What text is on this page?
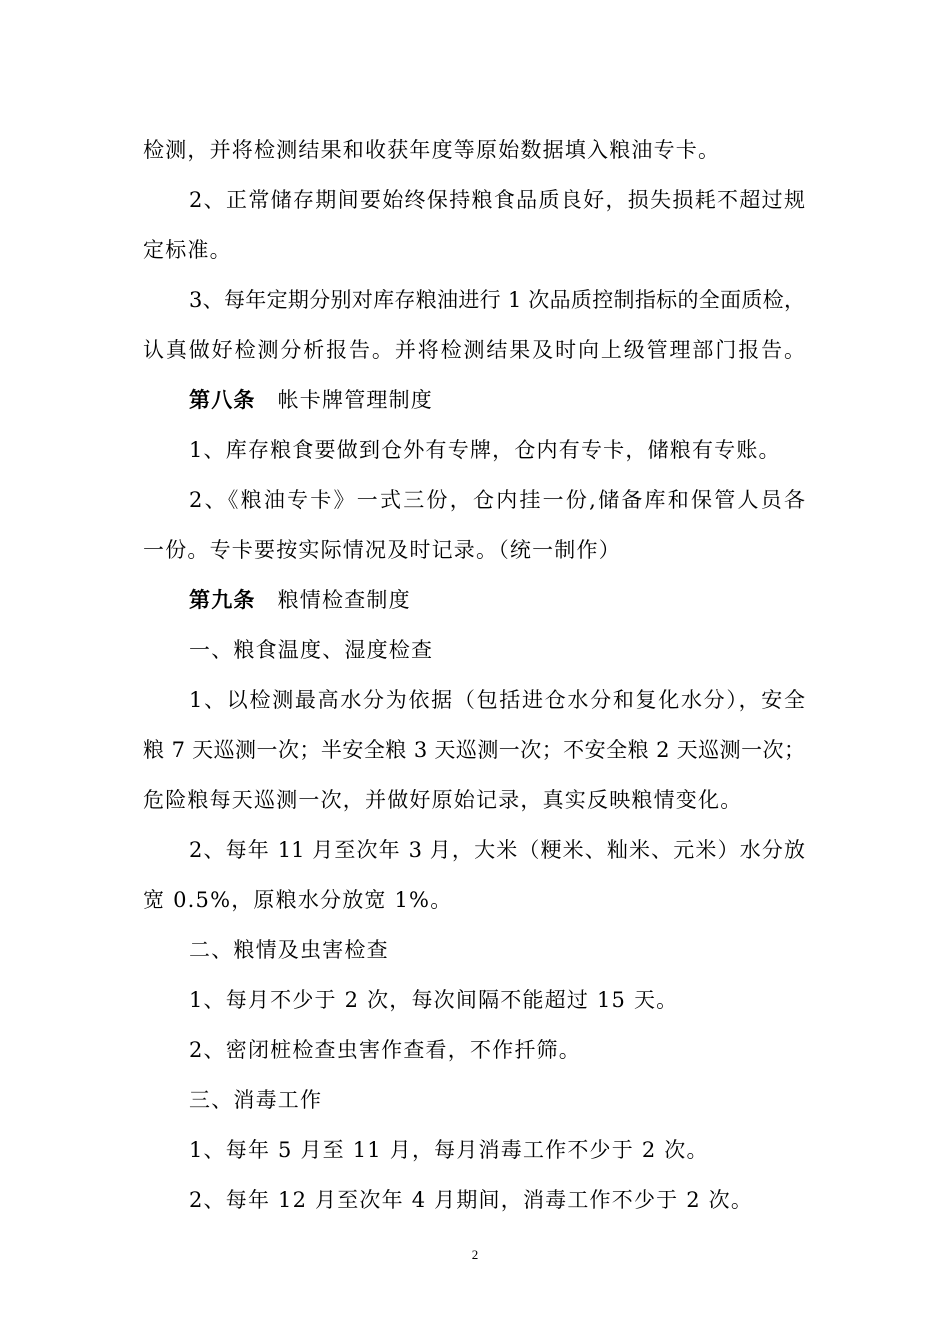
检测，并将检测结果和收获年度等原始数据填入粮油专卡。
2、正常储存期间要始终保持粮食品质良好，损失损耗不超过规
定标准。
3、每年定期分别对库存粮油进行 1 次品质控制指标的全面质检，
认真做好检测分析报告。并将检测结果及时向上级管理部门报告。
第八条 帐卡牌管理制度
1、库存粮食要做到仓外有专牌，仓内有专卡，储粮有专账。
2、《粮油专卡》一式三份，仓内挂一份,储备库和保管人员各
一份。专卡要按实际情况及时记录。（统一制作）
第九条 粮情检查制度
一、粮食温度、湿度检查
1、以检测最高水分为依据（包括进仓水分和复化水分），安全
粮 7 天巡测一次；半安全粮 3 天巡测一次；不安全粮 2 天巡测一次；
危险粮每天巡测一次，并做好原始记录，真实反映粮情变化。
2、每年 11 月至次年 3 月，大米（粳米、籼米、元米）水分放
宽 0.5%，原粮水分放宽 1%。
二、粮情及虫害检查
1、每月不少于 2 次，每次间隔不能超过 15 天。
2、密闭桩检查虫害作查看，不作扦筛。
三、消毒工作
1、每年 5 月至 11 月，每月消毒工作不少于 2 次。
2、每年 12 月至次年 4 月期间，消毒工作不少于 2 次。
2
